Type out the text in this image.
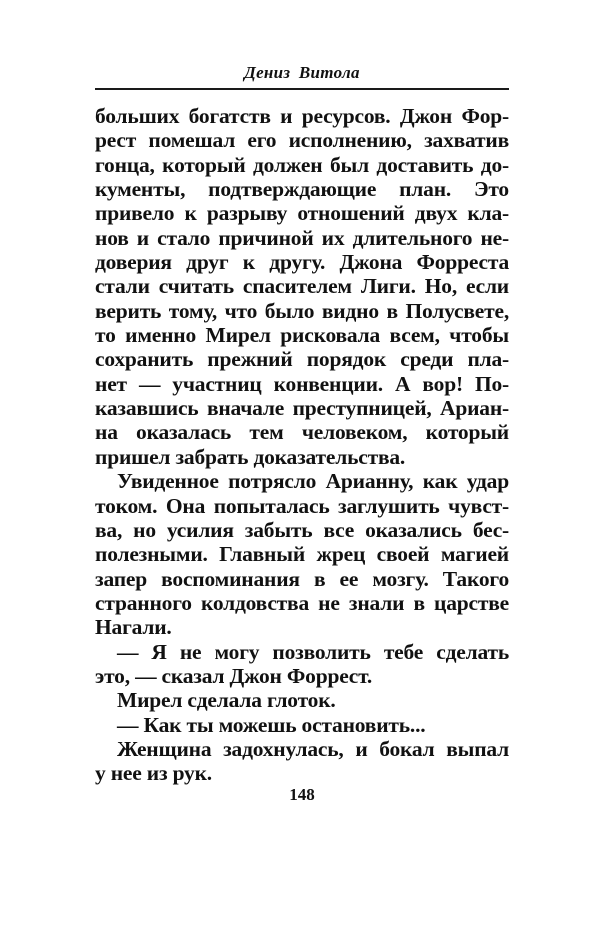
Дениз Витола
больших богатств и ресурсов. Джон Фор-
рест помешал его исполнению, захватив
гонца, который должен был доставить до-
кументы, подтверждающие план. Это
привело к разрыву отношений двух кла-
нов и стало причиной их длительного не-
доверия друг к другу. Джона Форреста
стали считать спасителем Лиги. Но, если
верить тому, что было видно в Полусвете,
то именно Мирел рисковала всем, чтобы
сохранить прежний порядок среди пла-
нет — участниц конвенции. А вор! По-
казавшись вначале преступницей, Ариан-
на оказалась тем человеком, который
пришел забрать доказательства.
Увиденное потрясло Арианну, как удар
током. Она попыталась заглушить чувст-
ва, но усилия забыть все оказались бес-
полезными. Главный жрец своей магией
запер воспоминания в ее мозгу. Такого
странного колдовства не знали в царстве
Нагали.
— Я не могу позволить тебе сделать
это, — сказал Джон Форрест.
Мирел сделала глоток.
— Как ты можешь остановить...
Женщина задохнулась, и бокал выпал
у нее из рук.
148
